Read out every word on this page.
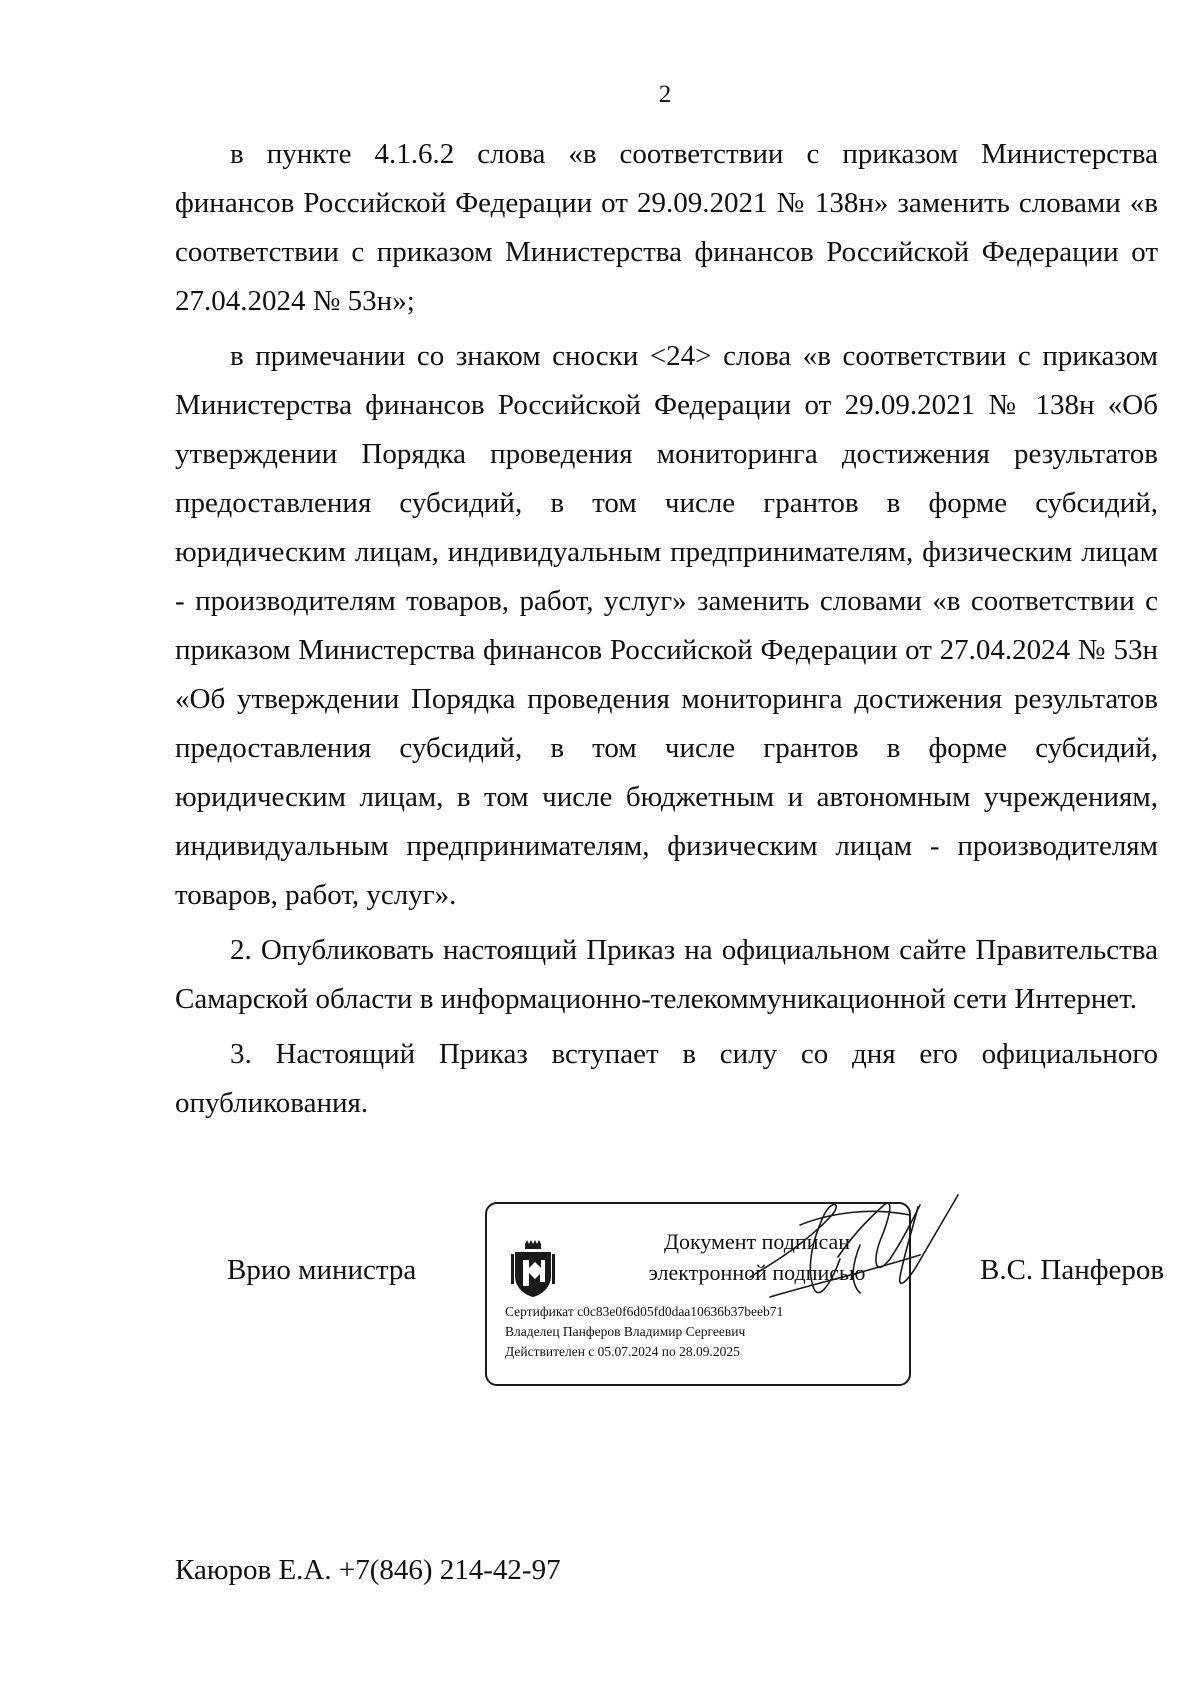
2

в пункте 4.1.6.2 слова «в соответствии с приказом Министерства финансов Российской Федерации от 29.09.2021 № 138н» заменить словами «в соответствии с приказом Министерства финансов Российской Федерации от 27.04.2024 № 53н»;

в примечании со знаком сноски <24> слова «в соответствии с приказом Министерства финансов Российской Федерации от 29.09.2021 № 138н «Об утверждении Порядка проведения мониторинга достижения результатов предоставления субсидий, в том числе грантов в форме субсидий, юридическим лицам, индивидуальным предпринимателям, физическим лицам - производителям товаров, работ, услуг» заменить словами «в соответствии с приказом Министерства финансов Российской Федерации от 27.04.2024 № 53н «Об утверждении Порядка проведения мониторинга достижения результатов предоставления субсидий, в том числе грантов в форме субсидий, юридическим лицам, в том числе бюджетным и автономным учреждениям, индивидуальным предпринимателям, физическим лицам - производителям товаров, работ, услуг».

2. Опубликовать настоящий Приказ на официальном сайте Правительства Самарской области в информационно-телекоммуникационной сети Интернет.

3. Настоящий Приказ вступает в силу со дня его официального опубликования.

Врио министра
Документ подписан
электронной подписью
Сертификат c0c83e0f6d05fd0daa10636b37beeb71
Владелец Панферов Владимир Сергеевич
Действителен с 05.07.2024 по 28.09.2025
В.С. Панферов
Каюров Е.А. +7(846) 214-42-97
